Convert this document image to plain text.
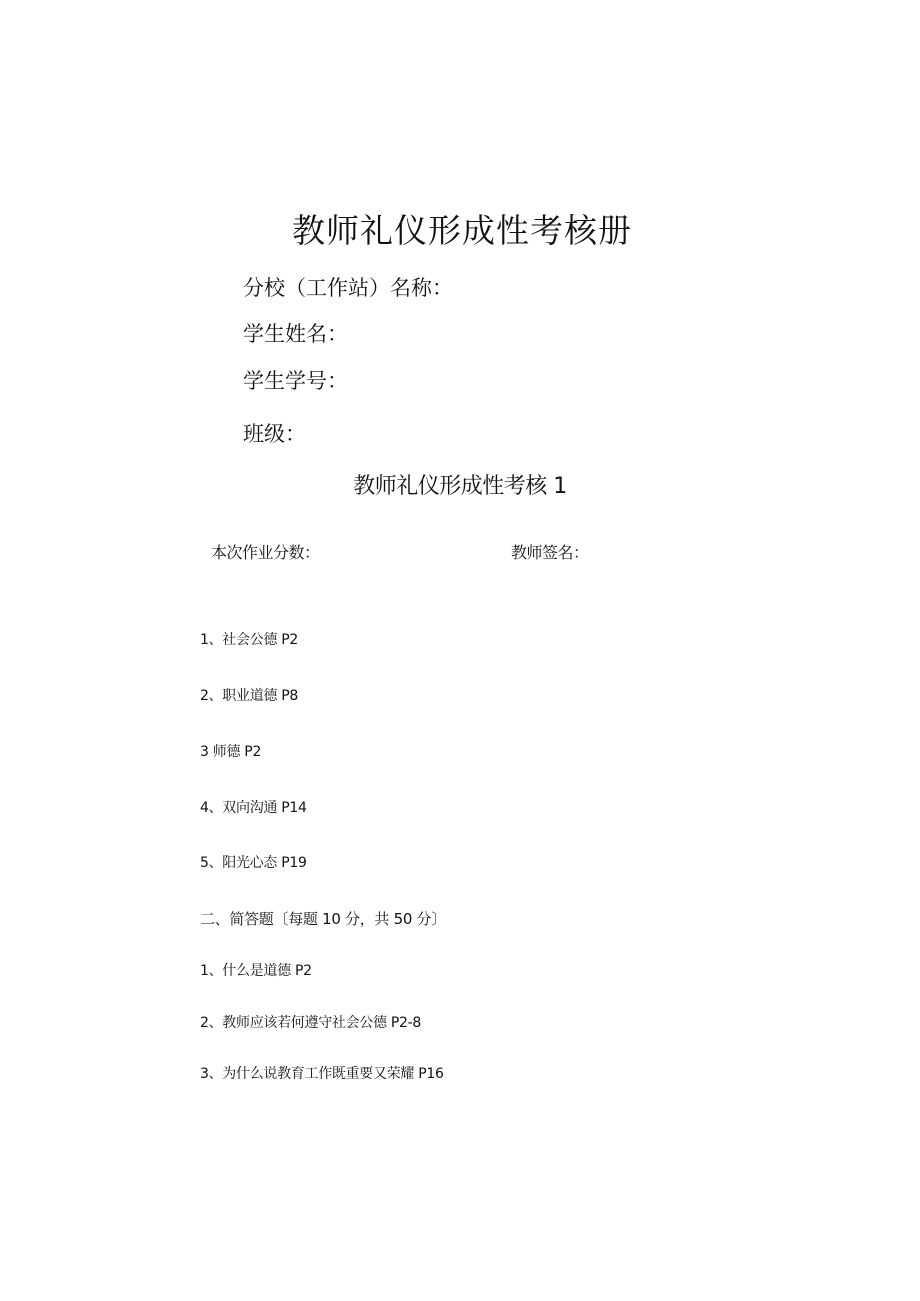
教师礼仪形成性考核册
分校（工作站）名称：
学生姓名：
学生学号：
班级：
教师礼仪形成性考核 1
本次作业分数：	教师签名：
1、社会公德 P2
2、职业道德 P8
3 师德 P2
4、双向沟通 P14
5、阳光心态 P19
二、简答题〔每题 10 分，共 50 分〕
1、什么是道德 P2
2、教师应该若何遵守社会公德 P2-8
3、为什么说教育工作既重要又荣耀 P16
